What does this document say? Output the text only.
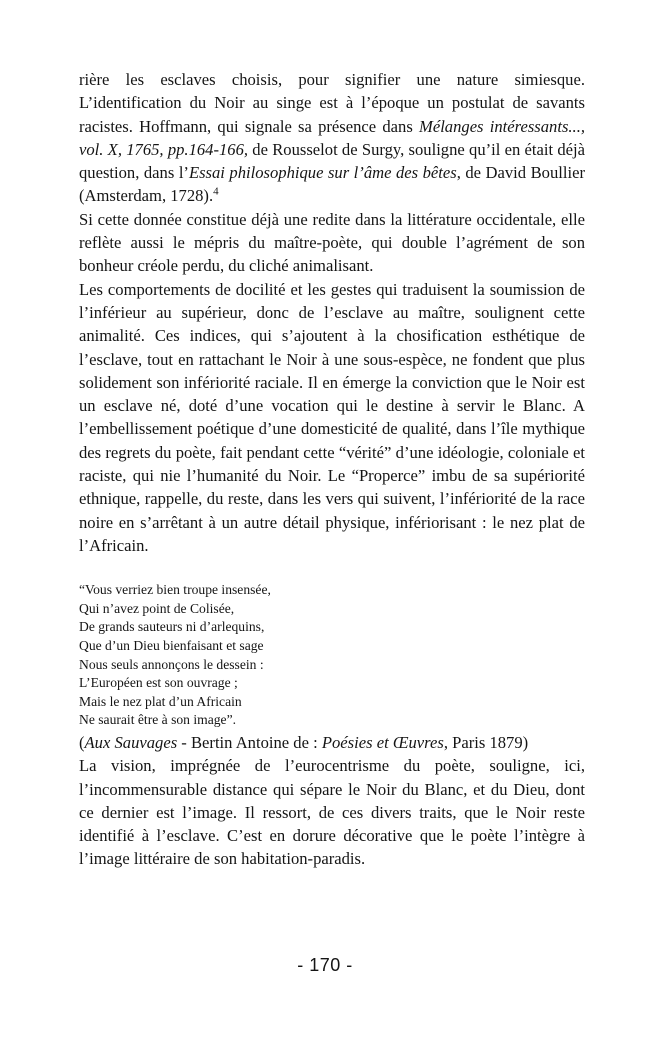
rière les esclaves choisis, pour signifier une nature simiesque. L’identification du Noir au singe est à l’époque un postulat de savants racistes. Hoffmann, qui signale sa présence dans Mélanges intéressants..., vol. X, 1765, pp.164-166, de Rousselot de Surgy, souligne qu’il en était déjà question, dans l’Essai philosophique sur l’âme des bêtes, de David Boullier (Amsterdam, 1728).$^4$

Si cette donnée constitue déjà une redite dans la littérature occidentale, elle reflète aussi le mépris du maître-poète, qui double l’agrément de son bonheur créole perdu, du cliché animalisant.

Les comportements de docilité et les gestes qui traduisent la soumission de l’inférieur au supérieur, donc de l’esclave au maître, soulignent cette animalité. Ces indices, qui s’ajoutent à la chosification esthétique de l’esclave, tout en rattachant le Noir à une sous-espèce, ne fondent que plus solidement son infériorité raciale. Il en émerge la conviction que le Noir est un esclave né, doté d’une vocation qui le destine à servir le Blanc. A l’embellissement poétique d’une domesticité de qualité, dans l’île mythique des regrets du poète, fait pendant cette “vérité” d’une idéologie, coloniale et raciste, qui nie l’humanité du Noir. Le “Properce” imbu de sa supériorité ethnique, rappelle, du reste, dans les vers qui suivent, l’infériorité de la race noire en s’arrêtant à un autre détail physique, infériorisant : le nez plat de l’Africain.

“Vous verriez bien troupe insensée,
Qui n’avez point de Colisée,
De grands sauteurs ni d’arlequins,
Que d’un Dieu bienfaisant et sage
Nous seuls annonçons le dessein :
L’Européen est son ouvrage ;
Mais le nez plat d’un Africain
Ne saurait être à son image”.

(Aux Sauvages - Bertin Antoine de : Poésies et Œuvres, Paris 1879)

La vision, imprégnée de l’eurocentrisme du poète, souligne, ici, l’incommensurable distance qui sépare le Noir du Blanc, et du Dieu, dont ce dernier est l’image. Il ressort, de ces divers traits, que le Noir reste identifié à l’esclave. C’est en dorure décorative que le poète l’intègre à l’image littéraire de son habitation-paradis.

- 170 -
